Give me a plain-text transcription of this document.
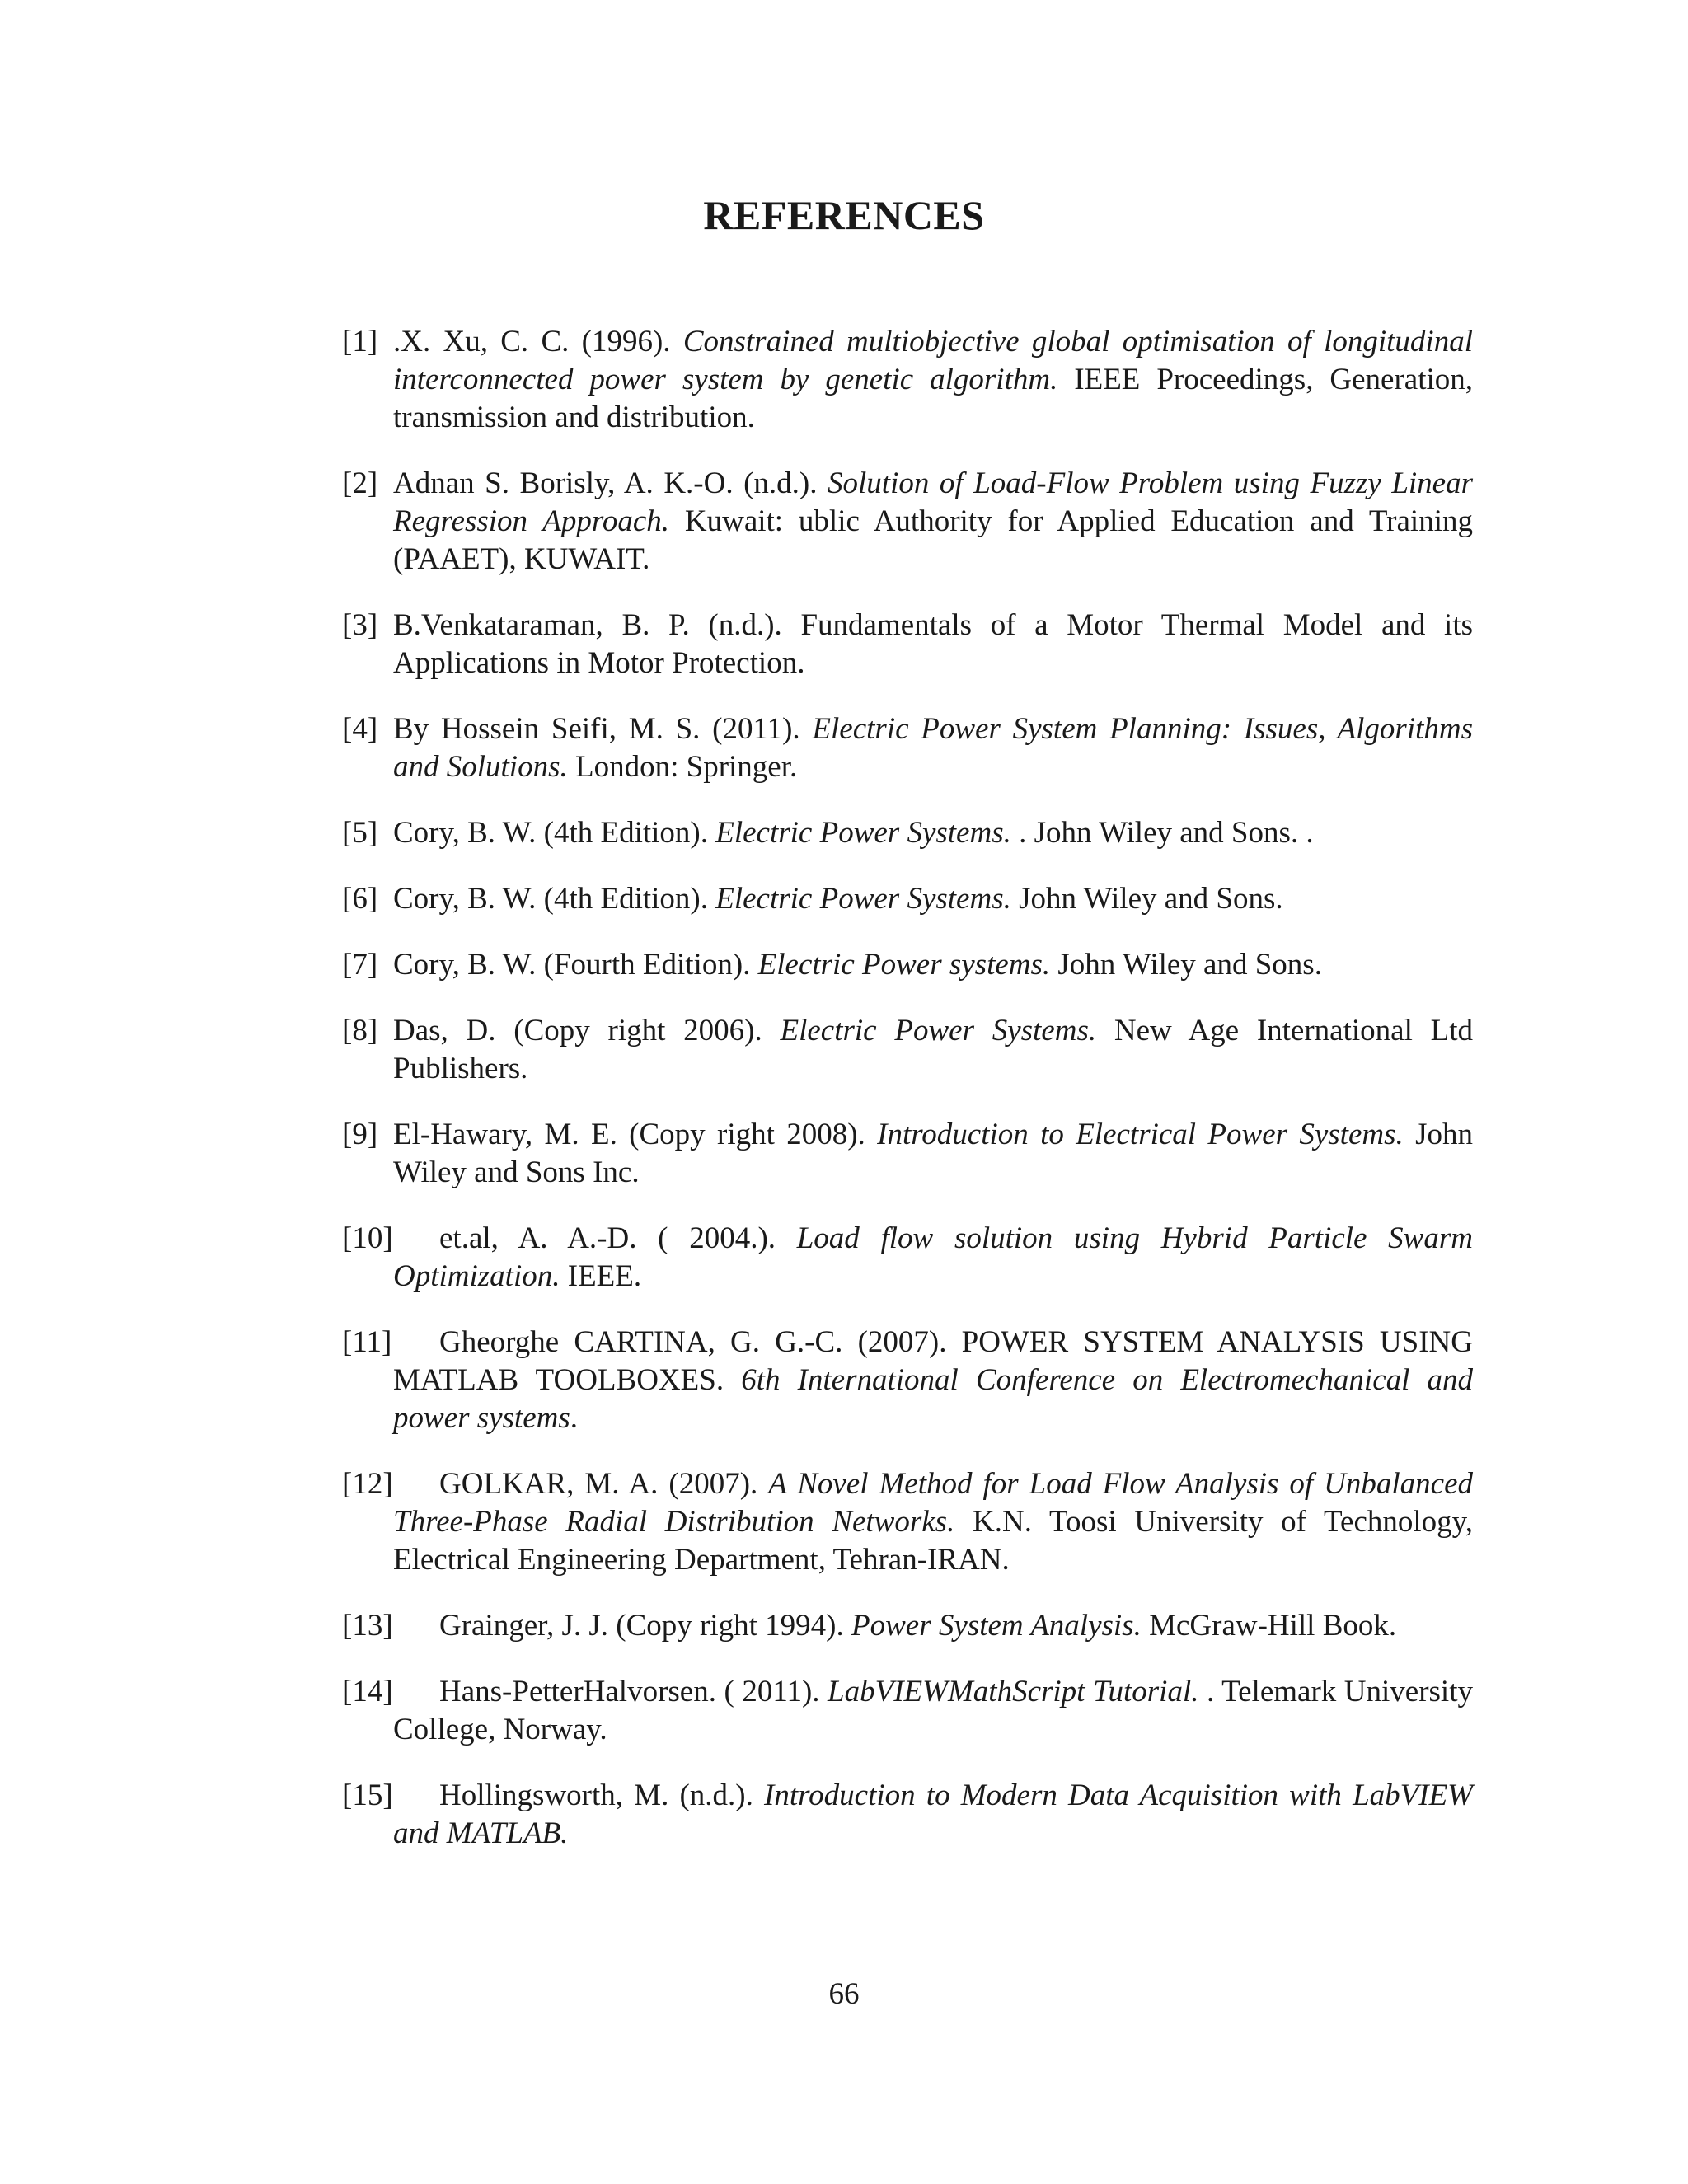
REFERENCES
[1] .X. Xu, C. C. (1996). Constrained multiobjective global optimisation of longitudinal interconnected power system by genetic algorithm. IEEE Proceedings, Generation, transmission and distribution.
[2] Adnan S. Borisly, A. K.-O. (n.d.). Solution of Load-Flow Problem using Fuzzy Linear Regression Approach. Kuwait: ublic Authority for Applied Education and Training (PAAET), KUWAIT.
[3] B.Venkataraman, B. P. (n.d.). Fundamentals of a Motor Thermal Model and its Applications in Motor Protection.
[4] By Hossein Seifi, M. S. (2011). Electric Power System Planning: Issues, Algorithms and Solutions. London: Springer.
[5] Cory, B. W. (4th Edition). Electric Power Systems. . John Wiley and Sons. .
[6] Cory, B. W. (4th Edition). Electric Power Systems. John Wiley and Sons.
[7] Cory, B. W. (Fourth Edition). Electric Power systems. John Wiley and Sons.
[8] Das, D. (Copy right 2006). Electric Power Systems. New Age International Ltd Publishers.
[9] El-Hawary, M. E. (Copy right 2008). Introduction to Electrical Power Systems. John Wiley and Sons Inc.
[10] et.al, A. A.-D. ( 2004.). Load flow solution using Hybrid Particle Swarm Optimization. IEEE.
[11] Gheorghe CARTINA, G. G.-C. (2007). POWER SYSTEM ANALYSIS USING MATLAB TOOLBOXES. 6th International Conference on Electromechanical and power systems.
[12] GOLKAR, M. A. (2007). A Novel Method for Load Flow Analysis of Unbalanced Three-Phase Radial Distribution Networks. K.N. Toosi University of Technology, Electrical Engineering Department, Tehran-IRAN.
[13] Grainger, J. J. (Copy right 1994). Power System Analysis. McGraw-Hill Book.
[14] Hans-PetterHalvorsen. ( 2011). LabVIEWMathScript Tutorial. . Telemark University College, Norway.
[15] Hollingsworth, M. (n.d.). Introduction to Modern Data Acquisition with LabVIEW and MATLAB.
66
